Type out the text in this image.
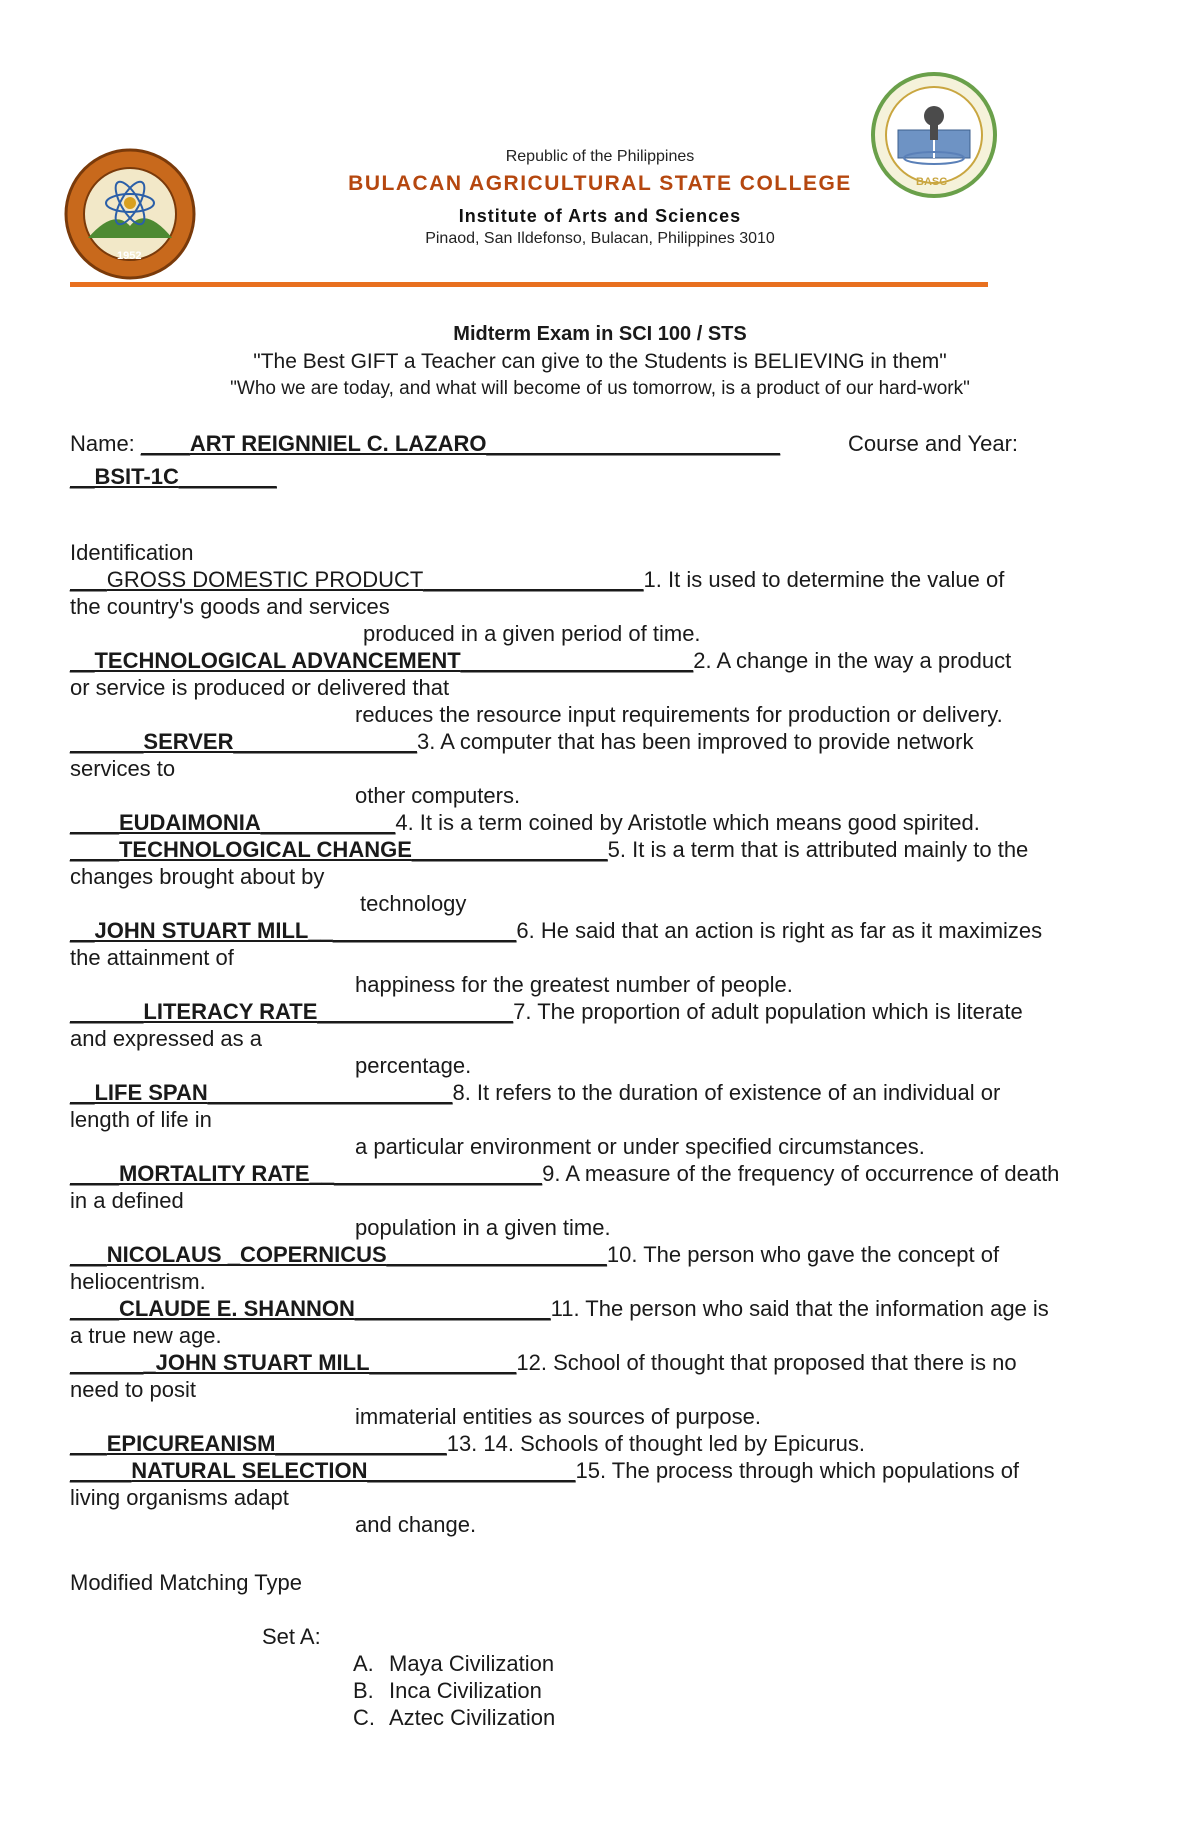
1952
BASC
Republic of the Philippines
BULACAN AGRICULTURAL STATE COLLEGE
Institute of Arts and Sciences
Pinaod, San Ildefonso, Bulacan, Philippines 3010
Midterm Exam in SCI 100 / STS
"The Best GIFT a Teacher can give to the Students is BELIEVING in them"
"Who we are today, and what will become of us tomorrow, is a product of our hard-work"
Name: ____ART REIGNNIEL C. LAZARO________________________	Course and Year:
__BSIT-1C________
Identification
___GROSS DOMESTIC PRODUCT__________________1. It is used to determine the value of
the country's goods and services
produced in a given period of time.
__TECHNOLOGICAL ADVANCEMENT___________________2. A change in the way a product
or service is produced or delivered that
reduces the resource input requirements for production or delivery.
______SERVER_______________3. A computer that has been improved to provide network
services to
other computers.
____EUDAIMONIA___________4. It is a term coined by Aristotle which means good spirited.
____TECHNOLOGICAL CHANGE________________5. It is a term that is attributed mainly to the
changes brought about by
technology
__JOHN STUART MILL_________________6. He said that an action is right as far as it maximizes
the attainment of
happiness for the greatest number of people.
______LITERACY RATE________________7. The proportion of adult population which is literate
and expressed as a
percentage.
__LIFE SPAN____________________8. It refers to the duration of existence of an individual or
length of life in
a particular environment or under specified circumstances.
____MORTALITY RATE___________________9. A measure of the frequency of occurrence of death
in a defined
population in a given time.
___NICOLAUS _COPERNICUS__________________10. The person who gave the concept of
heliocentrism.
____CLAUDE E. SHANNON________________11. The person who said that the information age is
a true new age.
_______JOHN STUART MILL____________12. School of thought that proposed that there is no
need to posit
immaterial entities as sources of purpose.
___EPICUREANISM______________13. 14. Schools of thought led by Epicurus.
_____NATURAL SELECTION_________________15. The process through which populations of
living organisms adapt
and change.
Modified Matching Type
Set A:
A. Maya Civilization
B. Inca Civilization
C. Aztec Civilization
